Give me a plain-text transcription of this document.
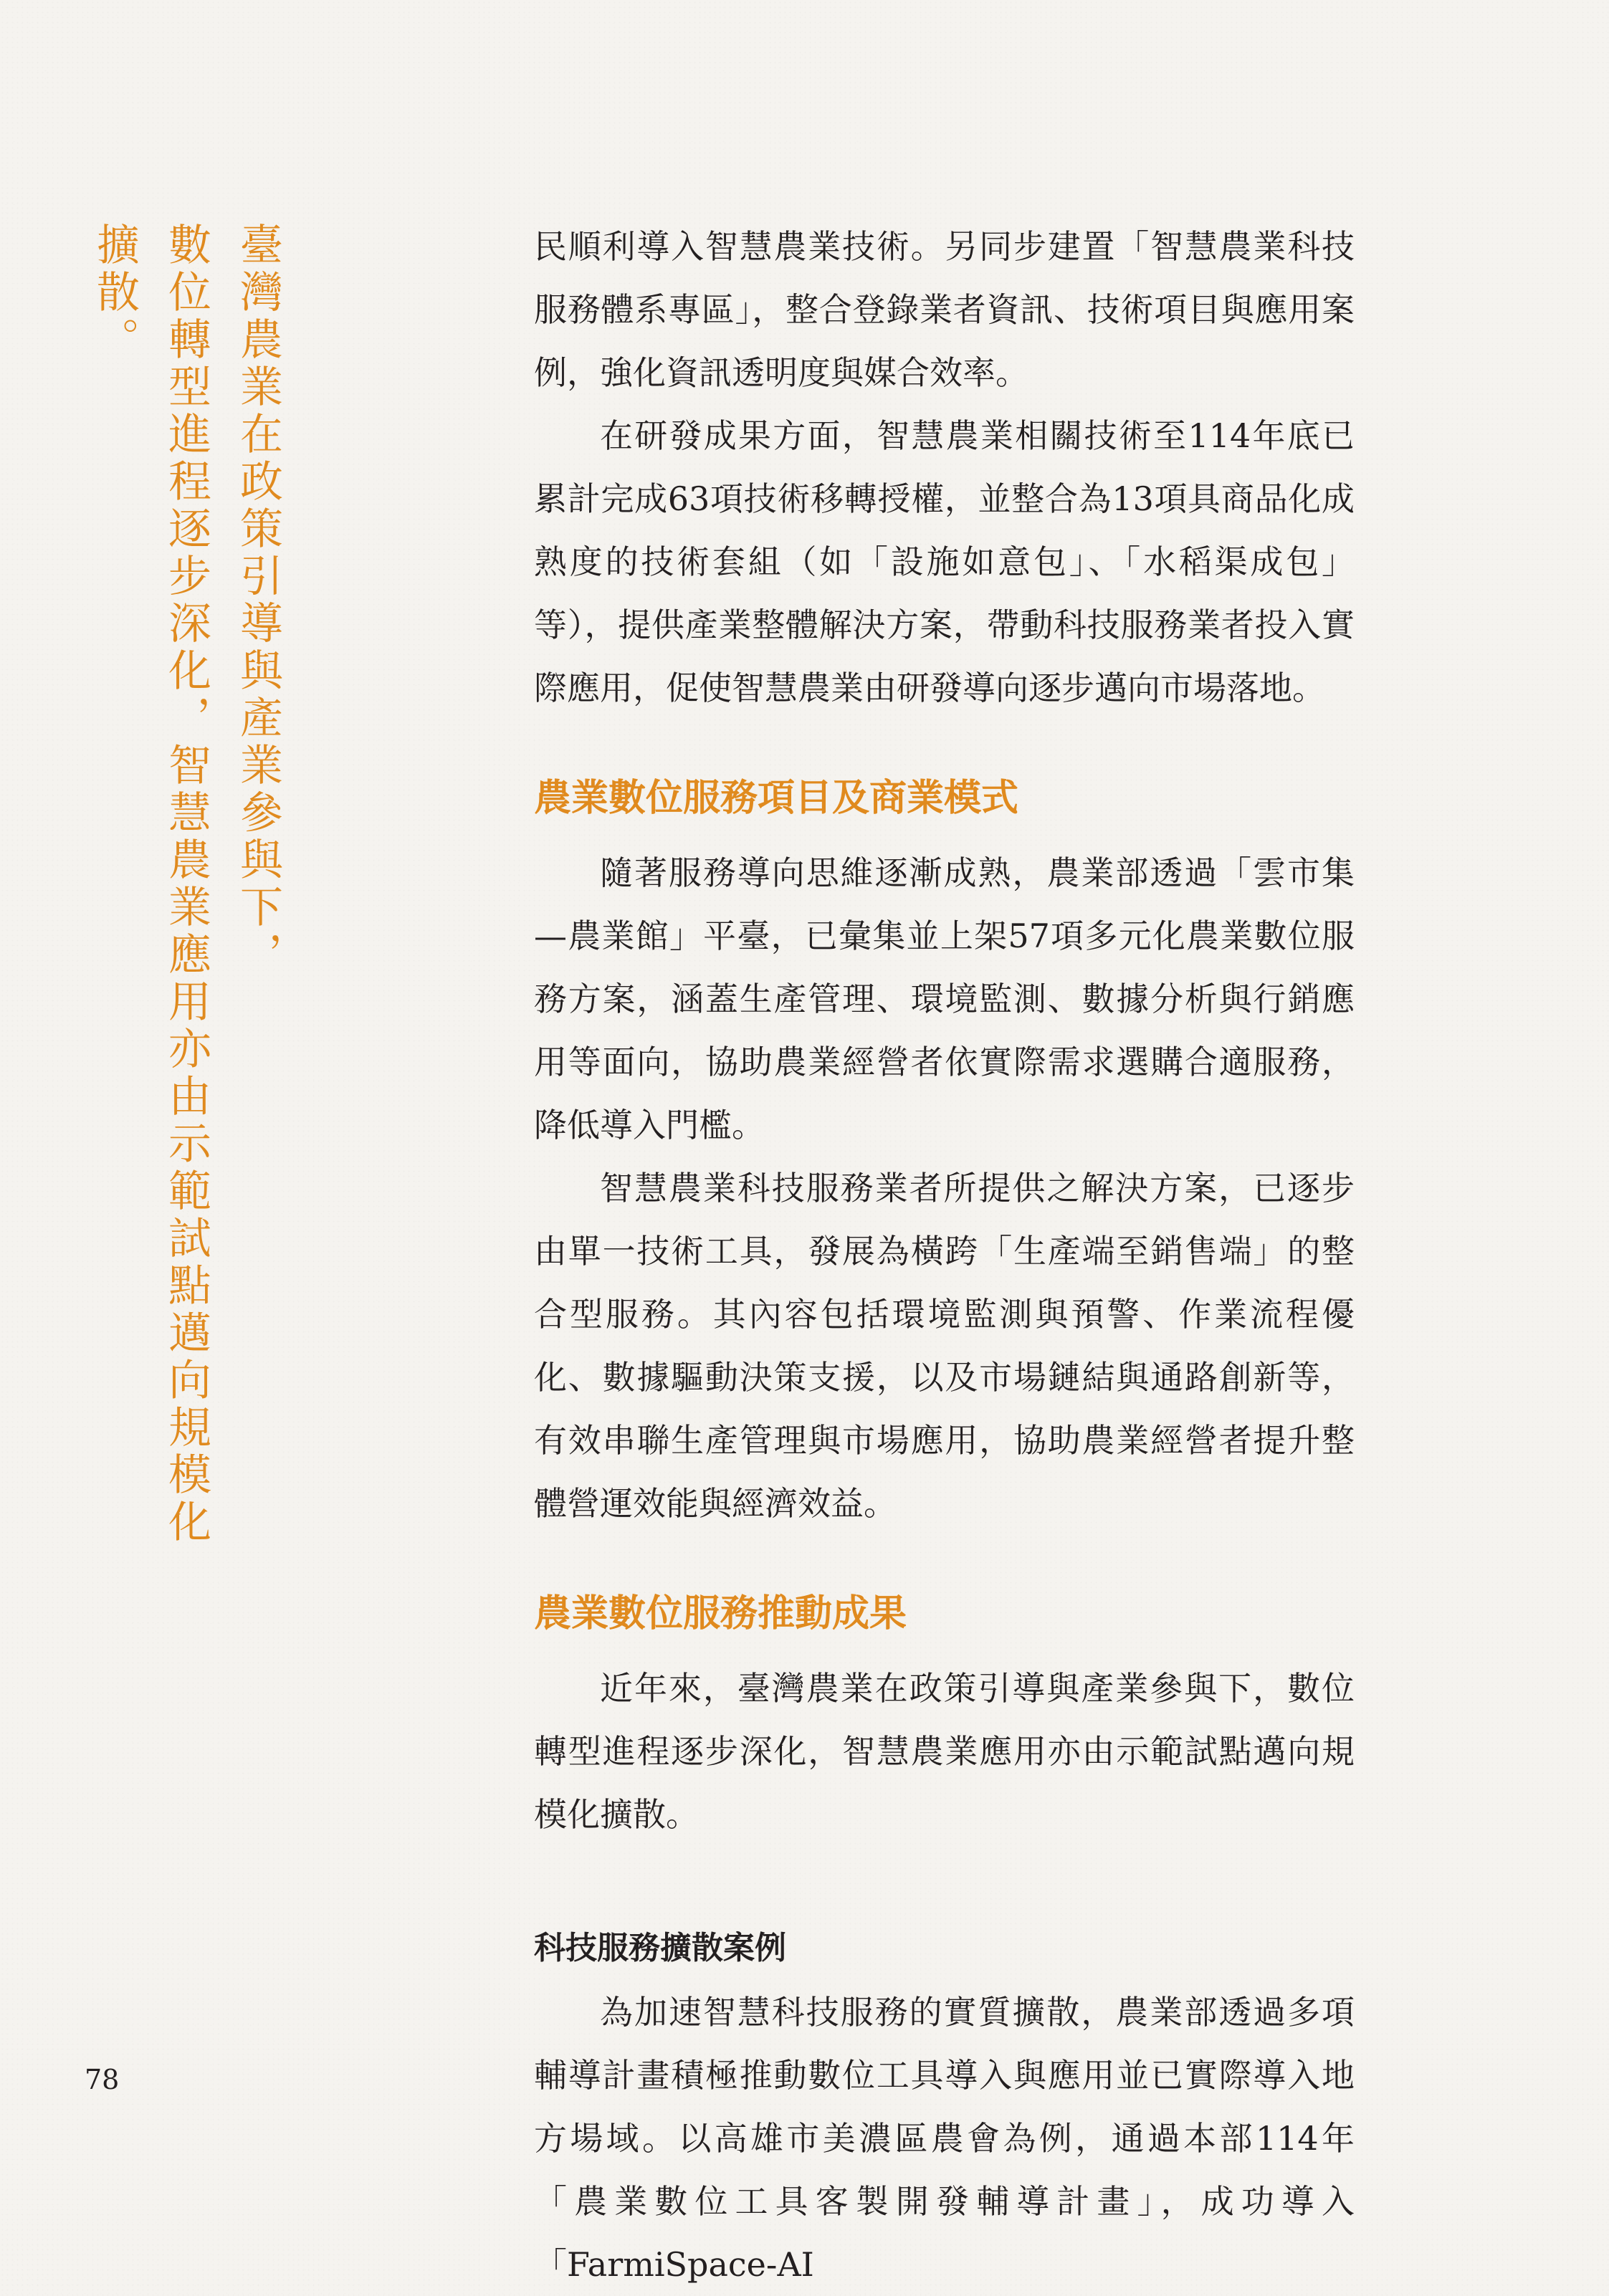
臺灣農業在政策引導與產業參與下，
數位轉型進程逐步深化，智慧農業應用亦由示範試點邁向規模化擴散。	民順利導入智慧農業技術。另同步建置「智慧農業科技服務體系專區」，整合登錄業者資訊、技術項目與應用案例，強化資訊透明度與媒合效率。

在研發成果方面，智慧農業相關技術至114年底已累計完成63項技術移轉授權，並整合為13項具商品化成熟度的技術套組（如「設施如意包」、「水稻渠成包」等），提供產業整體解決方案，帶動科技服務業者投入實際應用，促使智慧農業由研發導向逐步邁向市場落地。

農業數位服務項目及商業模式

隨著服務導向思維逐漸成熟，農業部透過「雲市集—農業館」平臺，已彙集並上架57項多元化農業數位服務方案，涵蓋生產管理、環境監測、數據分析與行銷應用等面向，協助農業經營者依實際需求選購合適服務，降低導入門檻。

智慧農業科技服務業者所提供之解決方案，已逐步由單一技術工具，發展為橫跨「生產端至銷售端」的整合型服務。其內容包括環境監測與預警、作業流程優化、數據驅動決策支援，以及市場鏈結與通路創新等，有效串聯生產管理與市場應用，協助農業經營者提升整體營運效能與經濟效益。

農業數位服務推動成果

近年來，臺灣農業在政策引導與產業參與下，數位轉型進程逐步深化，智慧農業應用亦由示範試點邁向規模化擴散。

科技服務擴散案例

為加速智慧科技服務的實質擴散，農業部透過多項輔導計畫積極推動數位工具導入與應用並已實際導入地方場域。以高雄市美濃區農會為例，通過本部114年「農業數位工具客製開發輔導計畫」，成功導入「FarmiSpace-AI

78
